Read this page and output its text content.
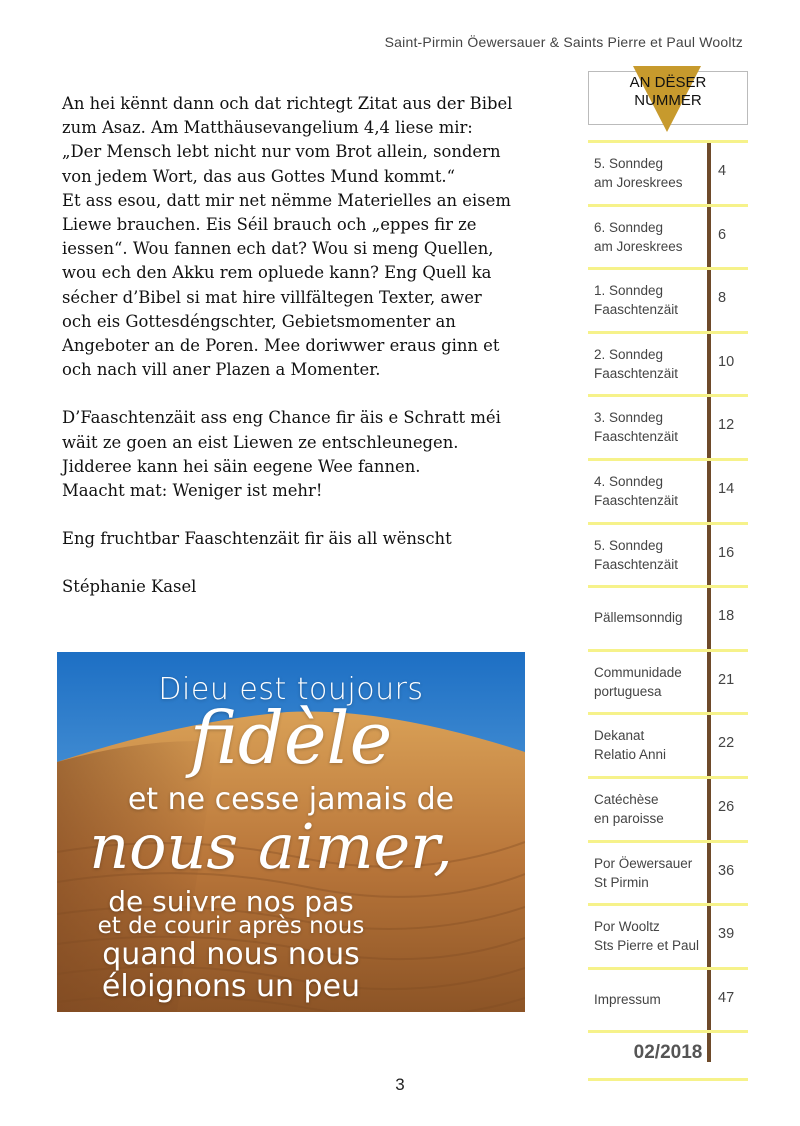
Saint-Pirmin Öewersauer & Saints Pierre et Paul Wooltz

An hei kënnt dann och dat richtegt Zitat aus der Bibel

zum Asaz. Am Matthäusevangelium 4,4 liese mir:

„Der Mensch lebt nicht nur vom Brot allein, sondern

von jedem Wort, das aus Gottes Mund kommt.“

Et ass esou, datt mir net nëmme Materielles an eisem

Liewe brauchen. Eis Séil brauch och „eppes fir ze

iessen“. Wou fannen ech dat? Wou si meng Quellen,

wou ech den Akku rem opluede kann? Eng Quell ka

sécher d’Bibel si mat hire villfältegen Texter, awer

och eis Gottesdéngschter, Gebietsmomenter an

Angeboter an de Poren. Mee doriwwer eraus ginn et

och nach vill aner Plazen a Momenter.

D’Faaschtenzäit ass eng Chance fir äis e Schratt méi

wäit ze goen an eist Liewen ze entschleunegen.

Jidderee kann hei säin eegene Wee fannen.

Maacht mat: Weniger ist mehr!

Eng fruchtbar Faaschtenzäit fir äis all wënscht

Stéphanie Kasel

Dieu est toujours
fidèle
et ne cesse jamais de
nous aimer,
de suivre nos pas
et de courir après nous
quand nous nous
éloignons un peu
AN DËSER
NUMMER
5. Sonndeg
am Joreskrees
4
6. Sonndeg
am Joreskrees
6
1. Sonndeg
Faaschtenzäit
8
2. Sonndeg
Faaschtenzäit
10
3. Sonndeg
Faaschtenzäit
12
4. Sonndeg
Faaschtenzäit
14
5. Sonndeg
Faaschtenzäit
16
Pällemsonndig	18
Communidade
portuguesa
21
Dekanat
Relatio Anni
22
Catéchèse
en paroisse
26
Por Öewersauer
St Pirmin
36
Por Wooltz
Sts Pierre et Paul
39
Impressum	47
02/2018
3
